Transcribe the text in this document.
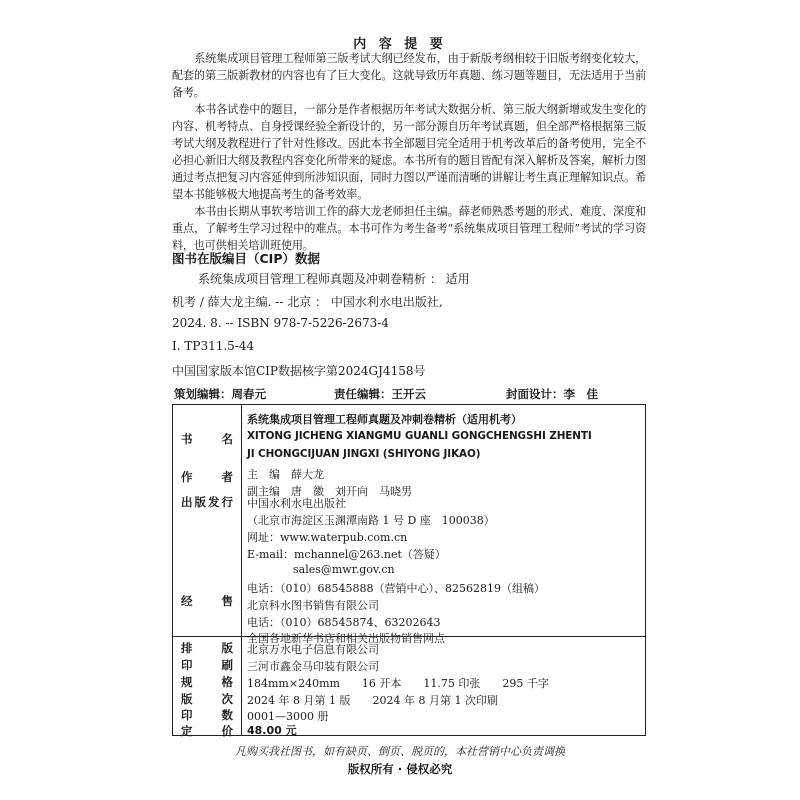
内 容 提 要

系统集成项目管理工程师第三版考试大纲已经发布，由于新版考纲相较于旧版考纲变化较大，配套的第三版新教材的内容也有了巨大变化。这就导致历年真题、练习题等题目，无法适用于当前备考。

本书各试卷中的题目，一部分是作者根据历年考试大数据分析、第三版大纲新增或发生变化的内容、机考特点、自身授课经验全新设计的，另一部分源自历年考试真题，但全部严格根据第三版考试大纲及教程进行了针对性修改。因此本书全部题目完全适用于机考改革后的备考使用，完全不必担心新旧大纲及教程内容变化所带来的疑虑。本书所有的题目皆配有深入解析及答案，解析力图通过考点把复习内容延伸到所涉知识面，同时力图以严谨而清晰的讲解让考生真正理解知识点。希望本书能够极大地提高考生的备考效率。

本书由长期从事软考培训工作的薛大龙老师担任主编。薛老师熟悉考题的形式、难度、深度和重点，了解考生学习过程中的难点。本书可作为考生备考“系统集成项目管理工程师”考试的学习资料，也可供相关培训班使用。

图书在版编目（CIP）数据
系统集成项目管理工程师真题及冲刺卷精析 ： 适用
机考 / 薛大龙主编. -- 北京 ： 中国水利水电出版社,
2024. 8. -- ISBN 978-7-5226-2673-4
Ⅰ. TP311.5-44
中国国家版本馆CIP数据核字第2024GJ4158号
策划编辑：周春元	责任编辑：王开云	封面设计：李　佳
书　　名
系统集成项目管理工程师真题及冲刺卷精析（适用机考）
XITONG JICHENG XIANGMU GUANLI GONGCHENGSHI ZHENTI
JI CHONGCIJUAN JINGXI (SHIYONG JIKAO)
作　　者 主　编　薛大龙
副主编　唐　徽　刘开向　马晓男
出版发行 中国水利水电出版社
（北京市海淀区玉渊潭南路 1 号 D 座　100038）
网址：www.waterpub.com.cn
E-mail：mchannel@263.net（答疑）
sales@mwr.gov.cn
电话：（010）68545888（营销中心）、82562819（组稿）
经　　售 北京科水图书销售有限公司
电话：（010）68545874、63202643
全国各地新华书店和相关出版物销售网点
排　　版 北京万水电子信息有限公司
印　　刷 三河市鑫金马印装有限公司
规　　格 184mm×240mm　　16 开本　　11.75 印张　　295 千字
版　　次 2024 年 8 月第 1 版　　2024 年 8 月第 1 次印刷
印　　数 0001—3000 册
定　　价 48.00 元
凡购买我社图书，如有缺页、倒页、脱页的，本社营销中心负责调换
版权所有 · 侵权必究
